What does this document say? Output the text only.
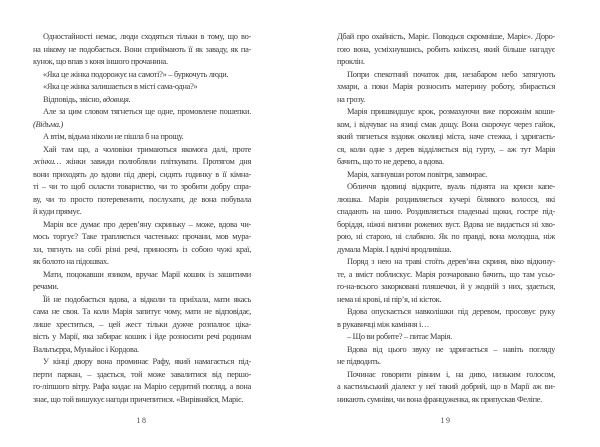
Одностайності немає, люди сходяться тільки в тому, що во-
на нікому не подобається. Вони сприймають її як заваду, як па-
кунок, що впав з коня іншого прочанина.
«Яка це жінка подорожує на самоті?» – буркочуть люди.
«Яка це жінка залишається в місті сама-одна?»
Відповідь, звісно, вдовиця.
Але за цим словом тягнеться ще одне, промовлене пошепки.
(Відьма.)
А втім, відьма ніколи не пішла б на прощу.
Хай там що, а чоловіки тримаються якомога далі, проте
жінки… жінки завжди полюбляли пліткувати. Протягом дня
вони приходять до вдови під двері, сидять годинку в її кімна-
ті – чи то щоб скласти товариство, чи то зробити добру спра-
ву, чи то просто потеревенити, послухати, де вона побувала
й куди прямує.
Марія все думає про дерев’яну скриньку – може, вдова чи-
мось торгує? Таке трапляється частенько: прочани, мов мура-
хи, тягнуть на собі різні речі, приносять із собою чужі краї,
як болото на підошвах.
Мати, поцокавши язиком, вручає Марії кошик із зашитими
речами.
Їй не подобається вдова, а відколи та приїхала, мати якась
сама не своя. Та коли Марія запитує чому, мати не відповідає,
лише хреститься, – цей жест тільки дужче розпалює ціка-
вість у Марії, яка забирає кошик і йде розносити речі родинам
Вальтьєрра, Муньйос і Кордова.
У кінці двору вона проминає Рафу, який намагається під-
перти паркан, – здається, той може завалитися від першо-
го-ліпшого вітру. Рафа кидає на Марію сердитий погляд, а вона
знає, що той вишукує нагоди причепитися. «Вирівняйся, Маріє.
18
Дбай про охайність, Маріє. Поводься скромніше, Маріє». Доро-
гою вона, усміхнувшись, робить кніксен, який більше нагадує
проклін.
Попри спекотний початок дня, незабаром небо затягують
хмари, а поки Марія розносить материну роботу, збирається
на грозу.
Марія пришвидшує крок, розмахуючи вже порожнім коши-
ком, і відчуває на язиці смак дощу. Вона скорочує через гайок,
який тягнеться вздовж околиці міста, наче стежка, і здригаєть-
ся, коли одне з дерев відділяється від гурту, – аж тут Марія
бачить, що то не дерево, а вдова.
Марія, хапнувши ротом повітря, завмирає.
Обличчя вдовиці відкрите, вуаль піднята на криси капе-
люшка. Марія роздивляється кучері білявого волосся, які
спадають на шию. Роздивляється гладенькі щоки, гостре під-
боріддя, ніжні вигини рожевих вуст. Вдова не видається ні хво-
рою, ні старою, ні слабкою. Як по правді, вона молодша, ніж
думала Марія. І вдвічі вродливіша.
Поряд з нею на траві стоїть дерев’яна скриня, віко відкину-
те, а вміст поблискує. Марія розчаровано бачить, що там усьо-
го-на-всього закорковані пляшечки, й у жодній з них, здається,
нема ні крові, ні пір’я, ні кісток.
Вдова опускається навколішки під деревом, просовує руку
в рукавичці між каміння і…
– Що ви робите? – питає Марія.
Вдова від цього звуку не здригається – навіть погляду
не підводить.
Починає говорити рівним і, на диво, низьким голосом,
а кастильський діалект у неї такий добрий, що в Марії аж ви-
никають сумніви, чи вона француженка, як припускав Феліпе.
19
